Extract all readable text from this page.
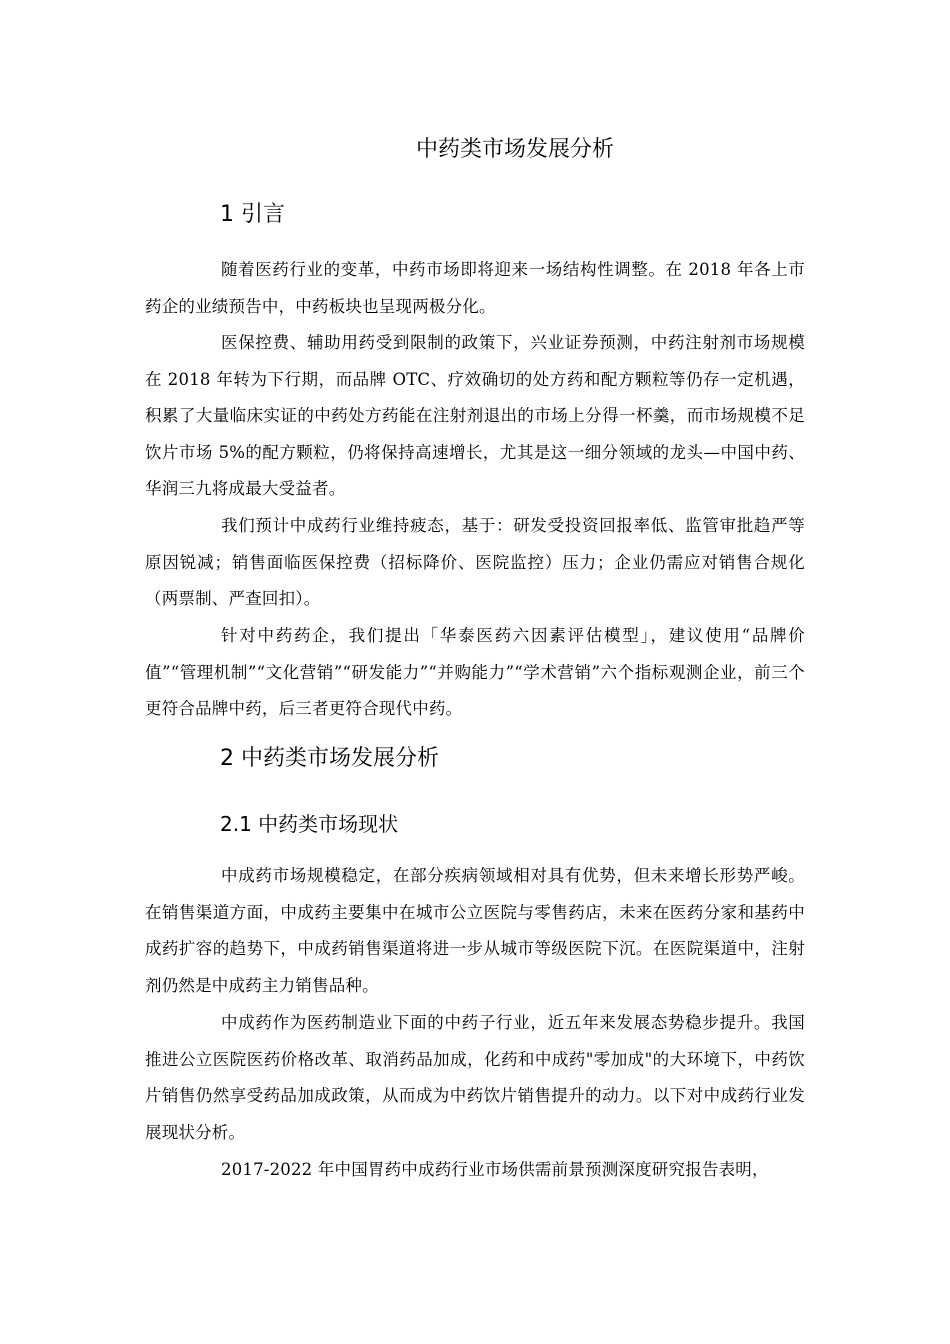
中药类市场发展分析
1 引言

随着医药行业的变革，中药市场即将迎来一场结构性调整。在 2018 年各上市药企的业绩预告中，中药板块也呈现两极分化。

医保控费、辅助用药受到限制的政策下，兴业证券预测，中药注射剂市场规模在 2018 年转为下行期，而品牌 OTC、疗效确切的处方药和配方颗粒等仍存一定机遇，积累了大量临床实证的中药处方药能在注射剂退出的市场上分得一杯羹，而市场规模不足饮片市场 5%的配方颗粒，仍将保持高速增长，尤其是这一细分领域的龙头—中国中药、华润三九将成最大受益者。

我们预计中成药行业维持疲态，基于：研发受投资回报率低、监管审批趋严等原因锐减；销售面临医保控费（招标降价、医院监控）压力；企业仍需应对销售合规化（两票制、严查回扣）。

针对中药药企，我们提出「华泰医药六因素评估模型」，建议使用“品牌价值”“管理机制”“文化营销”“研发能力”“并购能力”“学术营销”六个指标观测企业，前三个更符合品牌中药，后三者更符合现代中药。

2 中药类市场发展分析
2.1 中药类市场现状

中成药市场规模稳定，在部分疾病领域相对具有优势，但未来增长形势严峻。在销售渠道方面，中成药主要集中在城市公立医院与零售药店，未来在医药分家和基药中成药扩容的趋势下，中成药销售渠道将进一步从城市等级医院下沉。在医院渠道中，注射剂仍然是中成药主力销售品种。

中成药作为医药制造业下面的中药子行业，近五年来发展态势稳步提升。我国推进公立医院医药价格改革、取消药品加成，化药和中成药"零加成"的大环境下，中药饮片销售仍然享受药品加成政策，从而成为中药饮片销售提升的动力。以下对中成药行业发展现状分析。

2017-2022 年中国胃药中成药行业市场供需前景预测深度研究报告表明，
